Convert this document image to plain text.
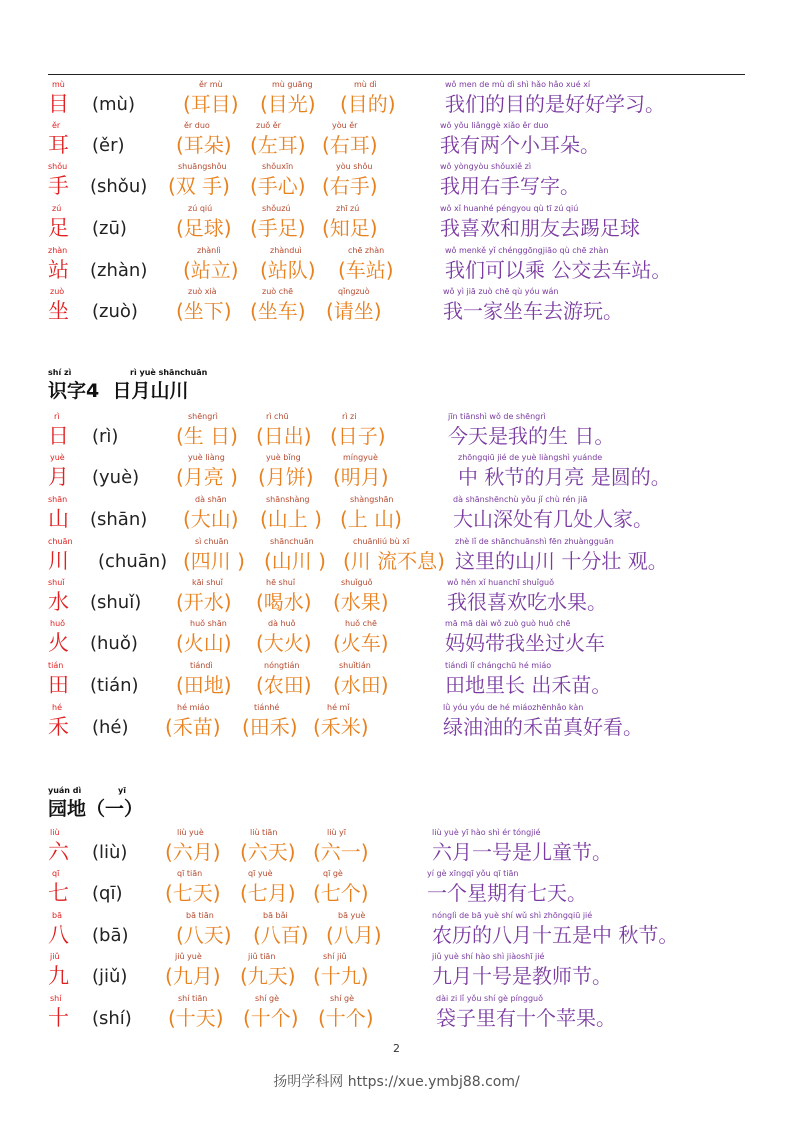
mù
目 (mù)
ěr mù
(耳目)
mù guāng
(目光)
mù dì
(目的)
wǒ men de mù dì shì hǎo hǎo xué xí
我们的目的是好好学习。
ěr
耳 (ěr)
ěr duo
(耳朵)
zuǒ ěr
(左耳)
yòu ěr
(右耳)
wǒ yǒu liǎnggè xiǎo ěr duo
我有两个小耳朵。
shǒu
手 (shǒu)
shuāngshǒu
(双 手)
shǒuxīn
(手心)
yòu shǒu
(右手)
wǒ yòngyòu shǒuxiě zì
我用右手写字。
zú
足 (zū)
zú qiú
(足球)
shǒuzú
(手足)
zhī zú
(知足)
wǒ xǐ huanhé péngyou qù tī zú qiú
我喜欢和朋友去踢足球
zhàn
站 (zhàn)
zhànlì
(站立)
zhànduì
(站队)
chē zhàn
(车站)
wǒ menkě yǐ chénggōngjiāo qù chē zhàn
我们可以乘 公交去车站。
zuò
坐 (zuò)
zuò xià
(坐下)
zuò chē
(坐车)
qǐngzuò
(请坐)
wǒ yì jiā zuò chē qù yóu wán
我一家坐车去游玩。
shí zì	rì yuè shānchuān
识字4  日月山川
rì
日 (rì)
shēngrì
(生 日)
rì chū
(日出)
rì zi
(日子)
jīn tiānshì wǒ de shēngrì
今天是我的生 日。
yuè
月 (yuè)
yuè liàng
(月亮 )
yuè bǐng
(月饼)
míngyuè
(明月)
zhōngqiū jié de yuè liàngshì yuánde
中 秋节的月亮 是圆的。
shān
山 (shān)
dà shān
(大山)
shānshàng
(山上 )
shàngshān
(上 山)
dà shānshēnchù yǒu jǐ chù rén jiā
大山深处有几处人家。
chuān
川 (chuān)
sì chuān
(四川 )
shānchuān
(山川 )
chuānliú bù xī
(川 流不息)
zhè lǐ de shānchuānshì fēn zhuàngguān
这里的山川 十分壮 观。
shuǐ
水 (shuǐ)
kāi shuǐ
(开水)
hē shuǐ
(喝水)
shuǐguǒ
(水果)
wǒ hěn xǐ huanchī shuǐguǒ
我很喜欢吃水果。
huǒ
火 (huǒ)
huǒ shān
(火山)
dà huǒ
(大火)
huǒ chē
(火车)
mā mā dài wǒ zuò guò huǒ chē
妈妈带我坐过火车
tián
田 (tián)
tiándì
(田地)
nóngtián
(农田)
shuǐtián
(水田)
tiándì lǐ chángchū hé miáo
田地里长 出禾苗。
hé
禾 (hé)
hé miáo
(禾苗)
tiánhé
(田禾)
hé mǐ
(禾米)
lǜ yóu yóu de hé miáozhēnhǎo kàn
绿油油的禾苗真好看。
yuán dì	yī
园地（一）
liù
六 (liù)
liù yuè
(六月)
liù tiān
(六天)
liù yī
(六一)
liù yuè yī hào shì ér tóngjié
六月一号是儿童节。
qī
七 (qī)
qī tiān
(七天)
qī yuè
(七月)
qī gè
(七个)
yí gè xīngqī yǒu qī tiān
一个星期有七天。
bā
八 (bā)
bā tiān
(八天)
bā bǎi
(八百)
bā yuè
(八月)
nónglì de bā yuè shí wǔ shì zhōngqiū jié
农历的八月十五是中 秋节。
jiǔ
九 (jiǔ)
jiǔ yuè
(九月)
jiǔ tiān
(九天)
shí jiǔ
(十九)
jiǔ yuè shí hào shì jiàoshī jié
九月十号是教师节。
shí
十 (shí)
shí tiān
(十天)
shí gè
(十个)
shí gè
(十个)
dài zi lǐ yǒu shí gè píngguǒ
袋子里有十个苹果。
2
扬明学科网 https://xue.ymbj88.com/
